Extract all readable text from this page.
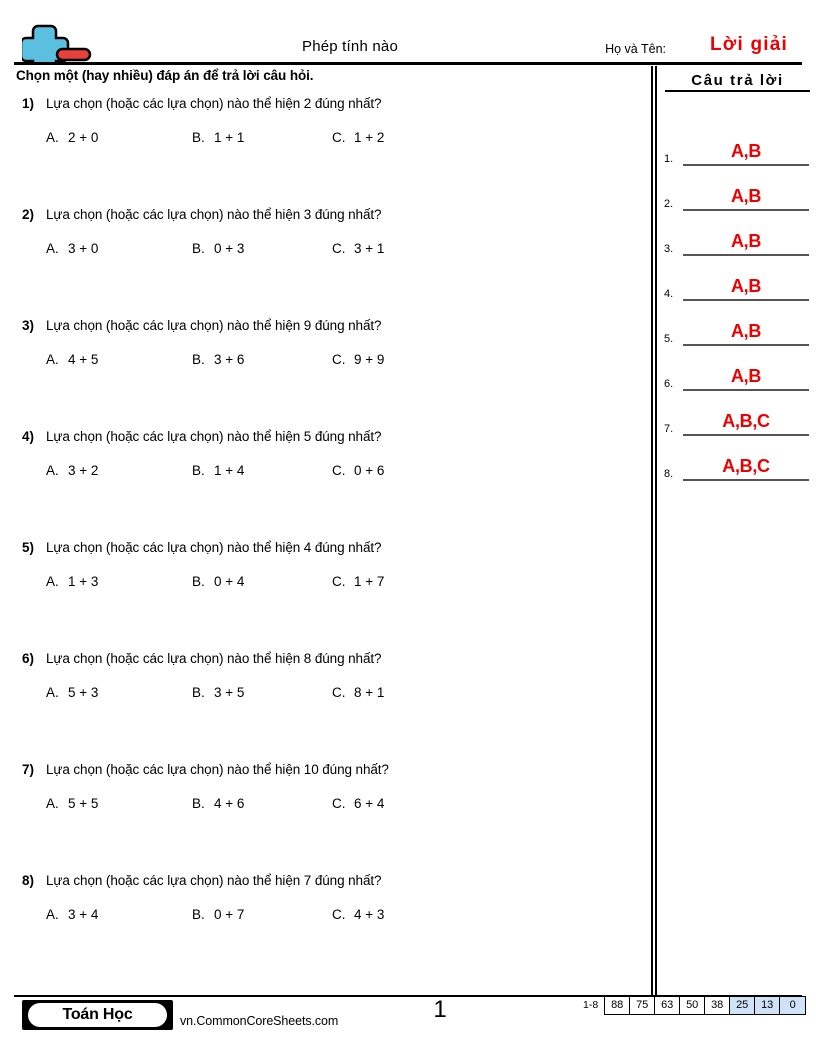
Phép tính nào	Họ và Tên: Lời giải
Chọn một (hay nhiều) đáp án để trả lời câu hỏi.
1) Lựa chọn (hoặc các lựa chọn) nào thể hiện 2 đúng nhất?
A. 2 + 0	B. 1 + 1	C. 1 + 2
2) Lựa chọn (hoặc các lựa chọn) nào thể hiện 3 đúng nhất?
A. 3 + 0	B. 0 + 3	C. 3 + 1
3) Lựa chọn (hoặc các lựa chọn) nào thể hiện 9 đúng nhất?
A. 4 + 5	B. 3 + 6	C. 9 + 9
4) Lựa chọn (hoặc các lựa chọn) nào thể hiện 5 đúng nhất?
A. 3 + 2	B. 1 + 4	C. 0 + 6
5) Lựa chọn (hoặc các lựa chọn) nào thể hiện 4 đúng nhất?
A. 1 + 3	B. 0 + 4	C. 1 + 7
6) Lựa chọn (hoặc các lựa chọn) nào thể hiện 8 đúng nhất?
A. 5 + 3	B. 3 + 5	C. 8 + 1
7) Lựa chọn (hoặc các lựa chọn) nào thể hiện 10 đúng nhất?
A. 5 + 5	B. 4 + 6	C. 6 + 4
8) Lựa chọn (hoặc các lựa chọn) nào thể hiện 7 đúng nhất?
A. 3 + 4	B. 0 + 7	C. 4 + 3
Câu trả lời
1.	A,B
2.	A,B
3.	A,B
4.	A,B
5.	A,B
6.	A,B
7.	A,B,C
8.	A,B,C
Toán Học	vn.CommonCoreSheets.com	1	1-8	88	75	63	50	38	25	13	0
